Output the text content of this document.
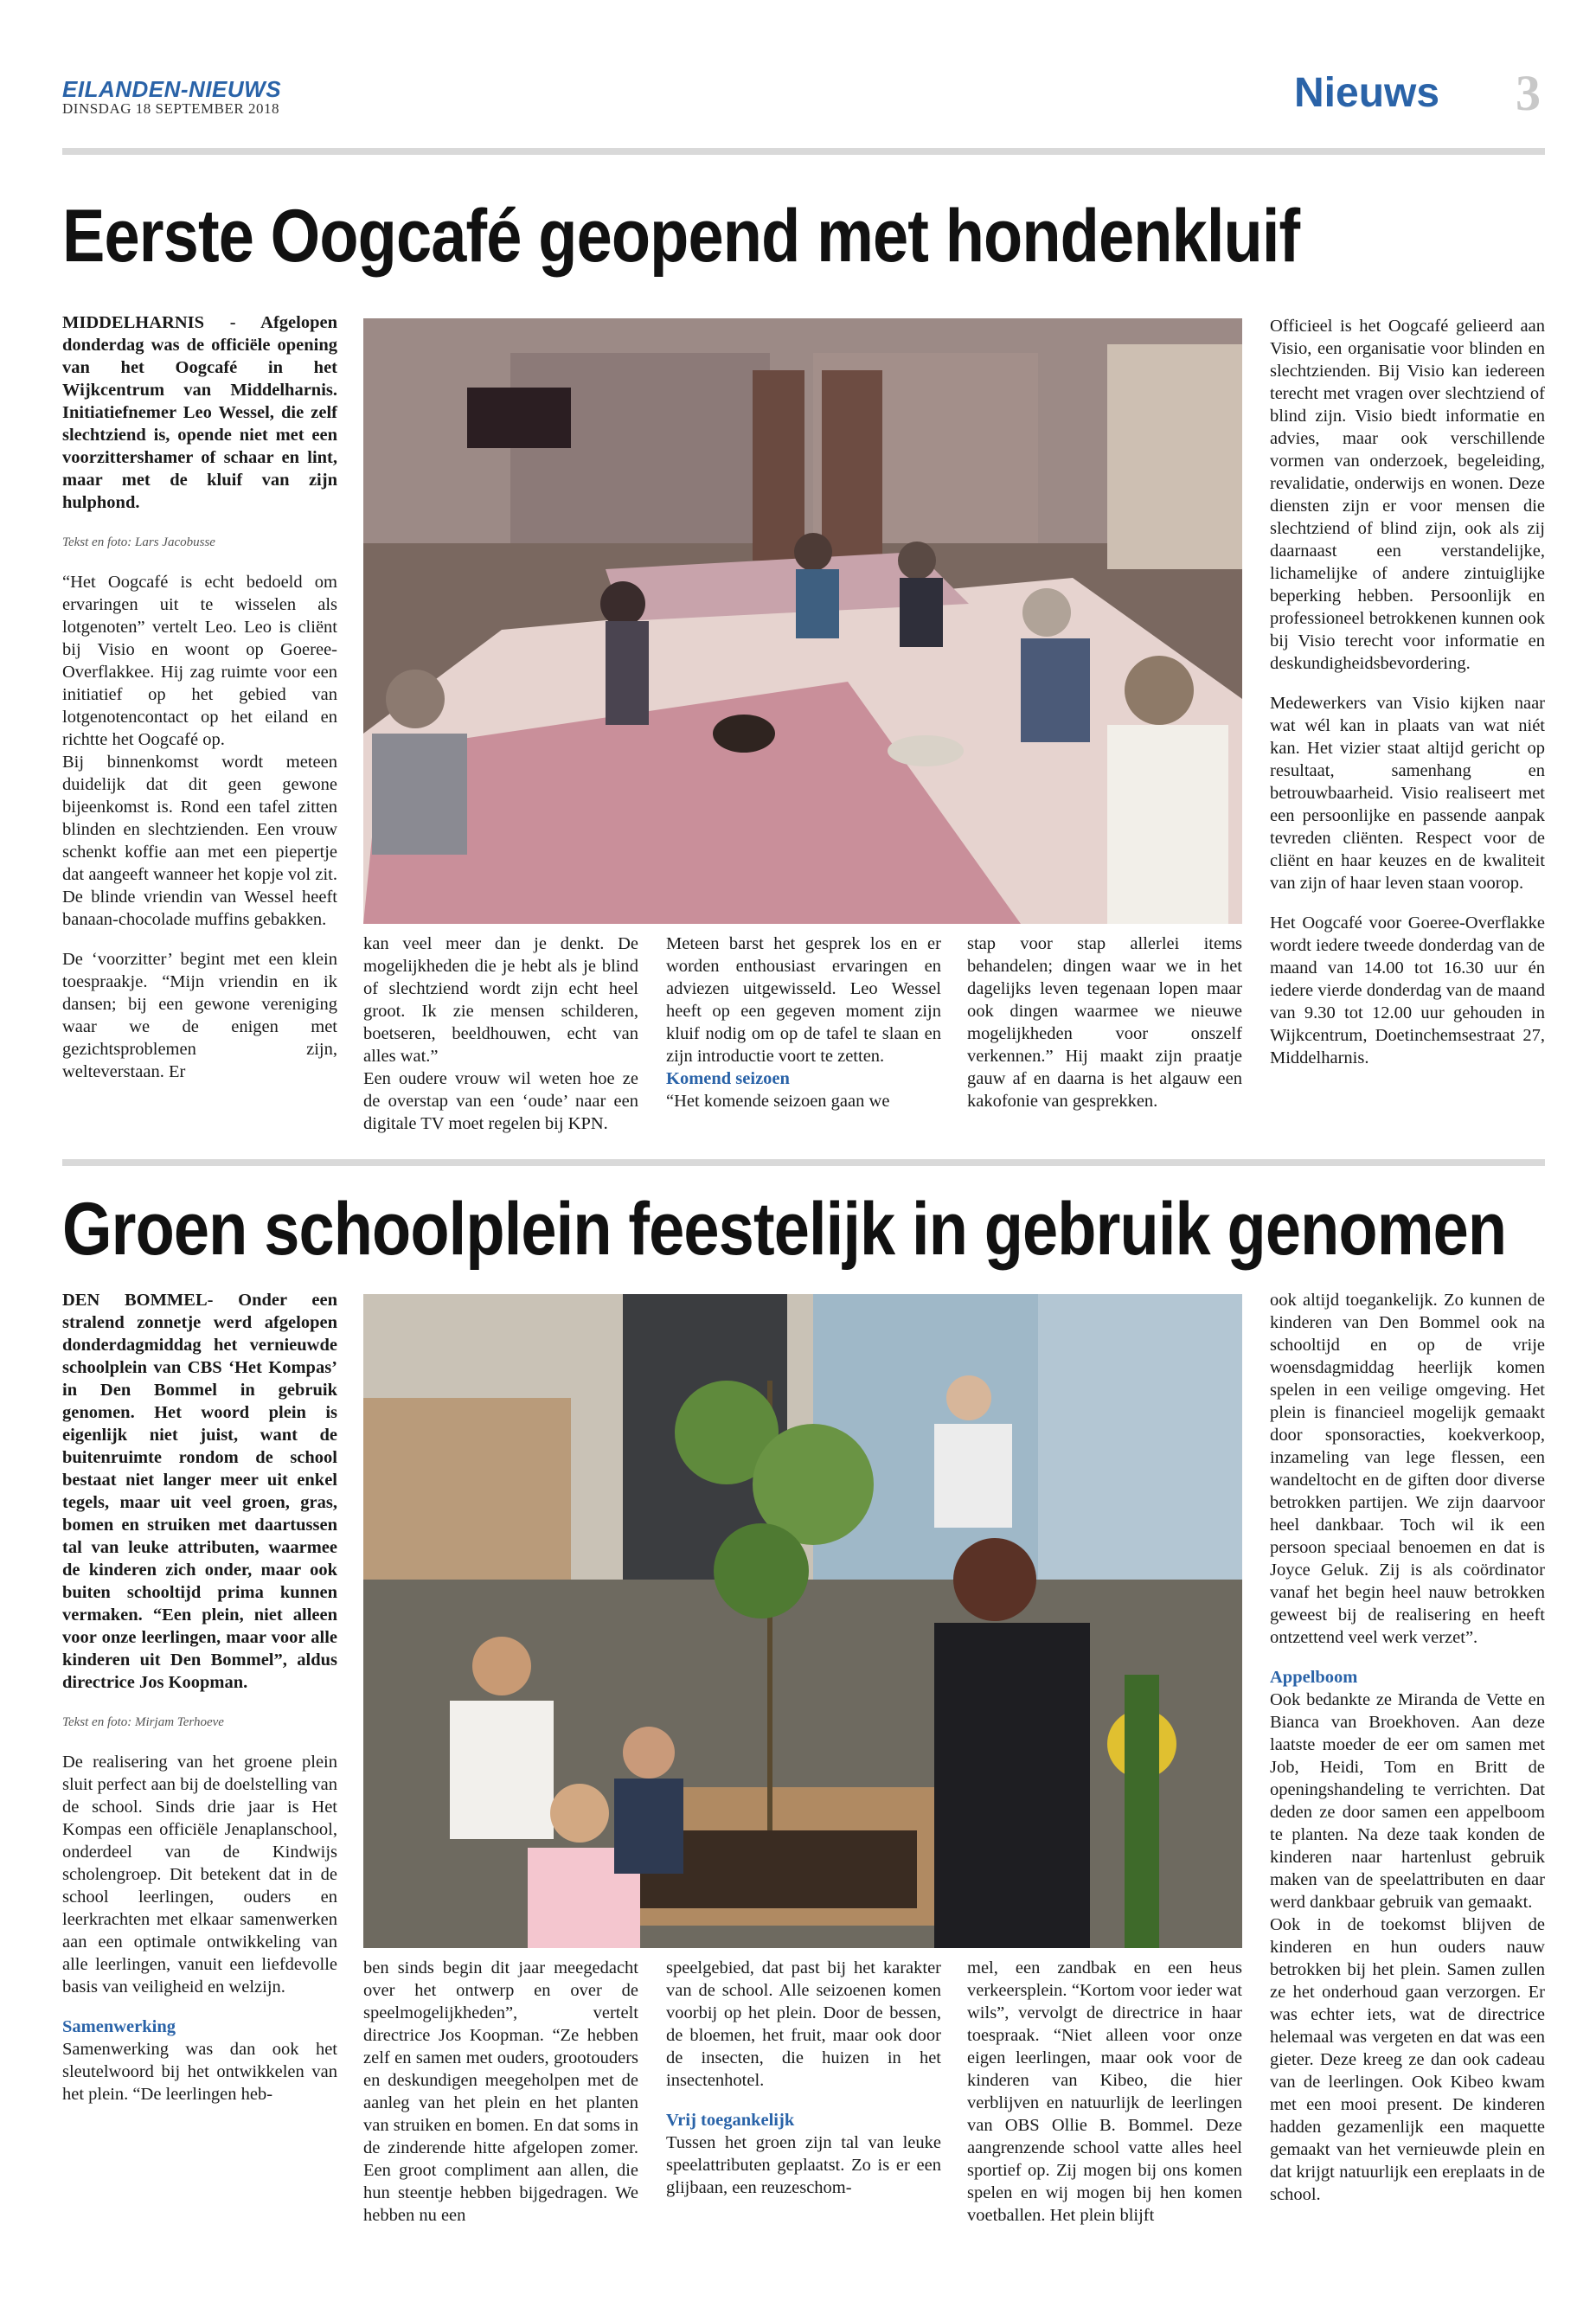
EILANDEN-NIEUWS
DINSDAG 18 SEPTEMBER 2018	Nieuws 3
Eerste Oogcafé geopend met hondenkluif

MIDDELHARNIS - Afgelopen donderdag was de officiële opening van het Oogcafé in het Wijkcentrum van Middelharnis. Initiatiefnemer Leo Wessel, die zelf slechtziend is, opende niet met een voorzittershamer of schaar en lint, maar met de kluif van zijn hulphond.

Tekst en foto: Lars Jacobusse

“Het Oogcafé is echt bedoeld om ervaringen uit te wisselen als lotgenoten” vertelt Leo. Leo is cliënt bij Visio en woont op Goeree-Overflakkee. Hij zag ruimte voor een initiatief op het gebied van lotgenotencontact op het eiland en richtte het Oogcafé op.

Bij binnenkomst wordt meteen duidelijk dat dit geen gewone bijeenkomst is. Rond een tafel zitten blinden en slechtzienden. Een vrouw schenkt koffie aan met een piepertje dat aangeeft wanneer het kopje vol zit. De blinde vriendin van Wessel heeft banaan-chocolade muffins gebakken.

De ‘voorzitter’ begint met een klein toespraakje. “Mijn vriendin en ik dansen; bij een gewone vereniging waar we de enigen met gezichtsproblemen zijn, welteverstaan. Er

kan veel meer dan je denkt. De mogelijkheden die je hebt als je blind of slechtziend wordt zijn echt heel groot. Ik zie mensen schilderen, boetseren, beeldhouwen, echt van alles wat.”

Een oudere vrouw wil weten hoe ze de overstap van een ‘oude’ naar een digitale TV moet regelen bij KPN.

Meteen barst het gesprek los en er worden enthousiast ervaringen en adviezen uitgewisseld. Leo Wessel heeft op een gegeven moment zijn kluif nodig om op de tafel te slaan en zijn introductie voort te zetten.

Komend seizoen

“Het komende seizoen gaan we

stap voor stap allerlei items behandelen; dingen waar we in het dagelijks leven tegenaan lopen maar ook dingen waarmee we nieuwe mogelijkheden voor onszelf verkennen.” Hij maakt zijn praatje gauw af en daarna is het algauw een kakofonie van gesprekken.

Officieel is het Oogcafé gelieerd aan Visio, een organisatie voor blinden en slechtzienden. Bij Visio kan iedereen terecht met vragen over slechtziend of blind zijn. Visio biedt informatie en advies, maar ook verschillende vormen van onderzoek, begeleiding, revalidatie, onderwijs en wonen. Deze diensten zijn er voor mensen die slechtziend of blind zijn, ook als zij daarnaast een verstandelijke, lichamelijke of andere zintuiglijke beperking hebben. Persoonlijk en professioneel betrokkenen kunnen ook bij Visio terecht voor informatie en deskundigheidsbevordering.

Medewerkers van Visio kijken naar wat wél kan in plaats van wat niét kan. Het vizier staat altijd gericht op resultaat, samenhang en betrouwbaarheid. Visio realiseert met een persoonlijke en passende aanpak tevreden cliënten. Respect voor de cliënt en haar keuzes en de kwaliteit van zijn of haar leven staan voorop.

Het Oogcafé voor Goeree-Overflakke wordt iedere tweede donderdag van de maand van 14.00 tot 16.30 uur én iedere vierde donderdag van de maand van 9.30 tot 12.00 uur gehouden in Wijkcentrum, Doetinchemsestraat 27, Middelharnis.

Groen schoolplein feestelijk in gebruik genomen

DEN BOMMEL- Onder een stralend zonnetje werd afgelopen donderdagmiddag het vernieuwde schoolplein van CBS ‘Het Kompas’ in Den Bommel in gebruik genomen. Het woord plein is eigenlijk niet juist, want de buitenruimte rondom de school bestaat niet langer meer uit enkel tegels, maar uit veel groen, gras, bomen en struiken met daartussen tal van leuke attributen, waarmee de kinderen zich onder, maar ook buiten schooltijd prima kunnen vermaken. “Een plein, niet alleen voor onze leerlingen, maar voor alle kinderen uit Den Bommel”, aldus directrice Jos Koopman.

Tekst en foto: Mirjam Terhoeve

De realisering van het groene plein sluit perfect aan bij de doelstelling van de school. Sinds drie jaar is Het Kompas een officiële Jenaplanschool, onderdeel van de Kindwijs scholengroep. Dit betekent dat in de school leerlingen, ouders en leerkrachten met elkaar samenwerken aan een optimale ontwikkeling van alle leerlingen, vanuit een liefdevolle basis van veiligheid en welzijn.

Samenwerking

Samenwerking was dan ook het sleutelwoord bij het ontwikkelen van het plein. “De leerlingen heb-

ben sinds begin dit jaar meegedacht over het ontwerp en over de speelmogelijkheden”, vertelt directrice Jos Koopman. “Ze hebben zelf en samen met ouders, grootouders en deskundigen meegeholpen met de aanleg van het plein en het planten van struiken en bomen. En dat soms in de zinderende hitte afgelopen zomer. Een groot compliment aan allen, die hun steentje hebben bijgedragen. We hebben nu een

speelgebied, dat past bij het karakter van de school. Alle seizoenen komen voorbij op het plein. Door de bessen, de bloemen, het fruit, maar ook door de insecten, die huizen in het insectenhotel.

Vrij toegankelijk

Tussen het groen zijn tal van leuke speelattributen geplaatst. Zo is er een glijbaan, een reuzeschom-

mel, een zandbak en een heus verkeersplein. “Kortom voor ieder wat wils”, vervolgt de directrice in haar toespraak. “Niet alleen voor onze eigen leerlingen, maar ook voor de kinderen van Kibeo, die hier verblijven en natuurlijk de leerlingen van OBS Ollie B. Bommel. Deze aangrenzende school vatte alles heel sportief op. Zij mogen bij ons komen spelen en wij mogen bij hen komen voetballen. Het plein blijft

ook altijd toegankelijk. Zo kunnen de kinderen van Den Bommel ook na schooltijd en op de vrije woensdagmiddag heerlijk komen spelen in een veilige omgeving. Het plein is financieel mogelijk gemaakt door sponsoracties, koekverkoop, inzameling van lege flessen, een wandeltocht en de giften door diverse betrokken partijen. We zijn daarvoor heel dankbaar. Toch wil ik een persoon speciaal benoemen en dat is Joyce Geluk. Zij is als coördinator vanaf het begin heel nauw betrokken geweest bij de realisering en heeft ontzettend veel werk verzet”.

Appelboom

Ook bedankte ze Miranda de Vette en Bianca van Broekhoven. Aan deze laatste moeder de eer om samen met Job, Heidi, Tom en Britt de openingshandeling te verrichten. Dat deden ze door samen een appelboom te planten. Na deze taak konden de kinderen naar hartenlust gebruik maken van de speelattributen en daar werd dankbaar gebruik van gemaakt.

Ook in de toekomst blijven de kinderen en hun ouders nauw betrokken bij het plein. Samen zullen ze het onderhoud gaan verzorgen. Er was echter iets, wat de directrice helemaal was vergeten en dat was een gieter. Deze kreeg ze dan ook cadeau van de leerlingen. Ook Kibeo kwam met een mooi present. De kinderen hadden gezamenlijk een maquette gemaakt van het vernieuwde plein en dat krijgt natuurlijk een ereplaats in de school.
